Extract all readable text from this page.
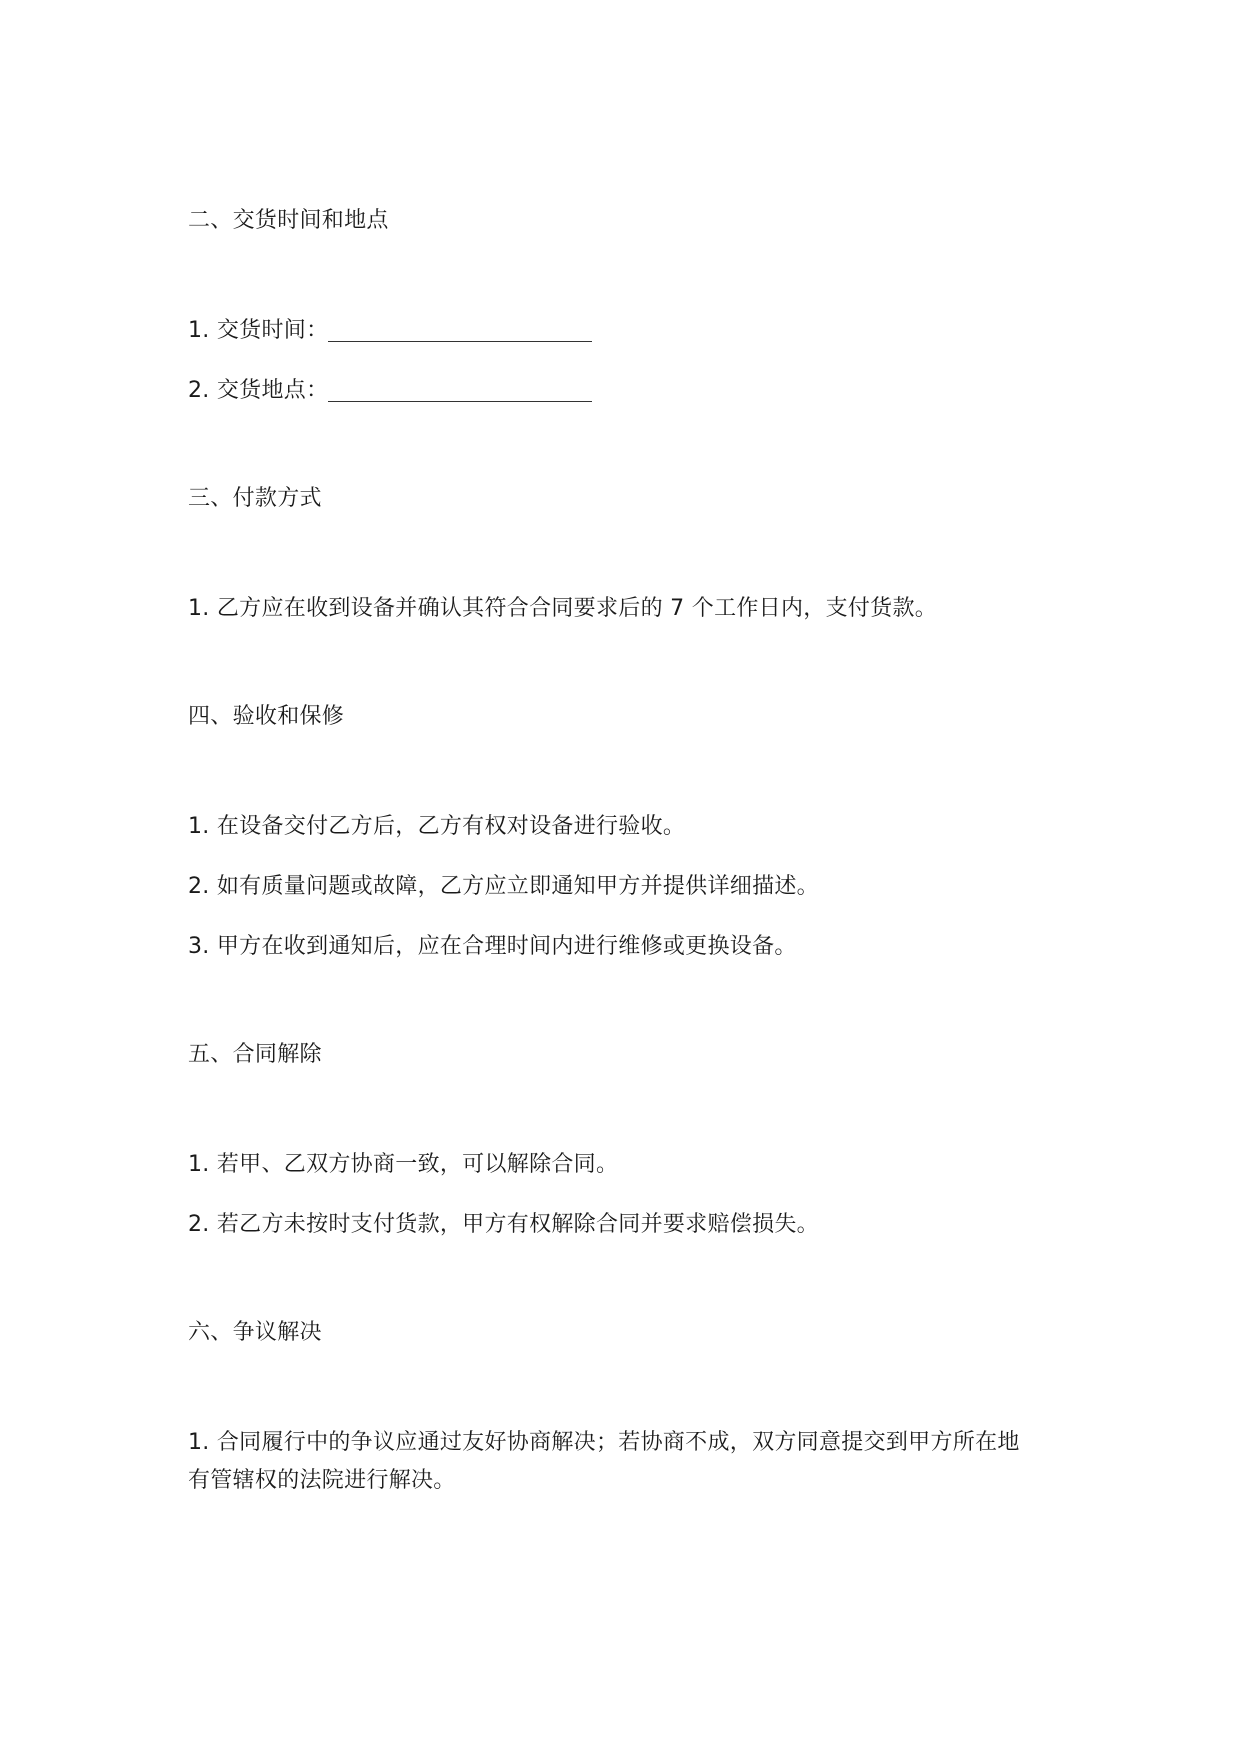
二、交货时间和地点
1. 交货时间：
2. 交货地点：
三、付款方式
1. 乙方应在收到设备并确认其符合合同要求后的 7 个工作日内，支付货款。
四、验收和保修
1. 在设备交付乙方后，乙方有权对设备进行验收。
2. 如有质量问题或故障，乙方应立即通知甲方并提供详细描述。
3. 甲方在收到通知后，应在合理时间内进行维修或更换设备。
五、合同解除
1. 若甲、乙双方协商一致，可以解除合同。
2. 若乙方未按时支付货款，甲方有权解除合同并要求赔偿损失。
六、争议解决
1. 合同履行中的争议应通过友好协商解决；若协商不成，双方同意提交到甲方所在地
有管辖权的法院进行解决。
